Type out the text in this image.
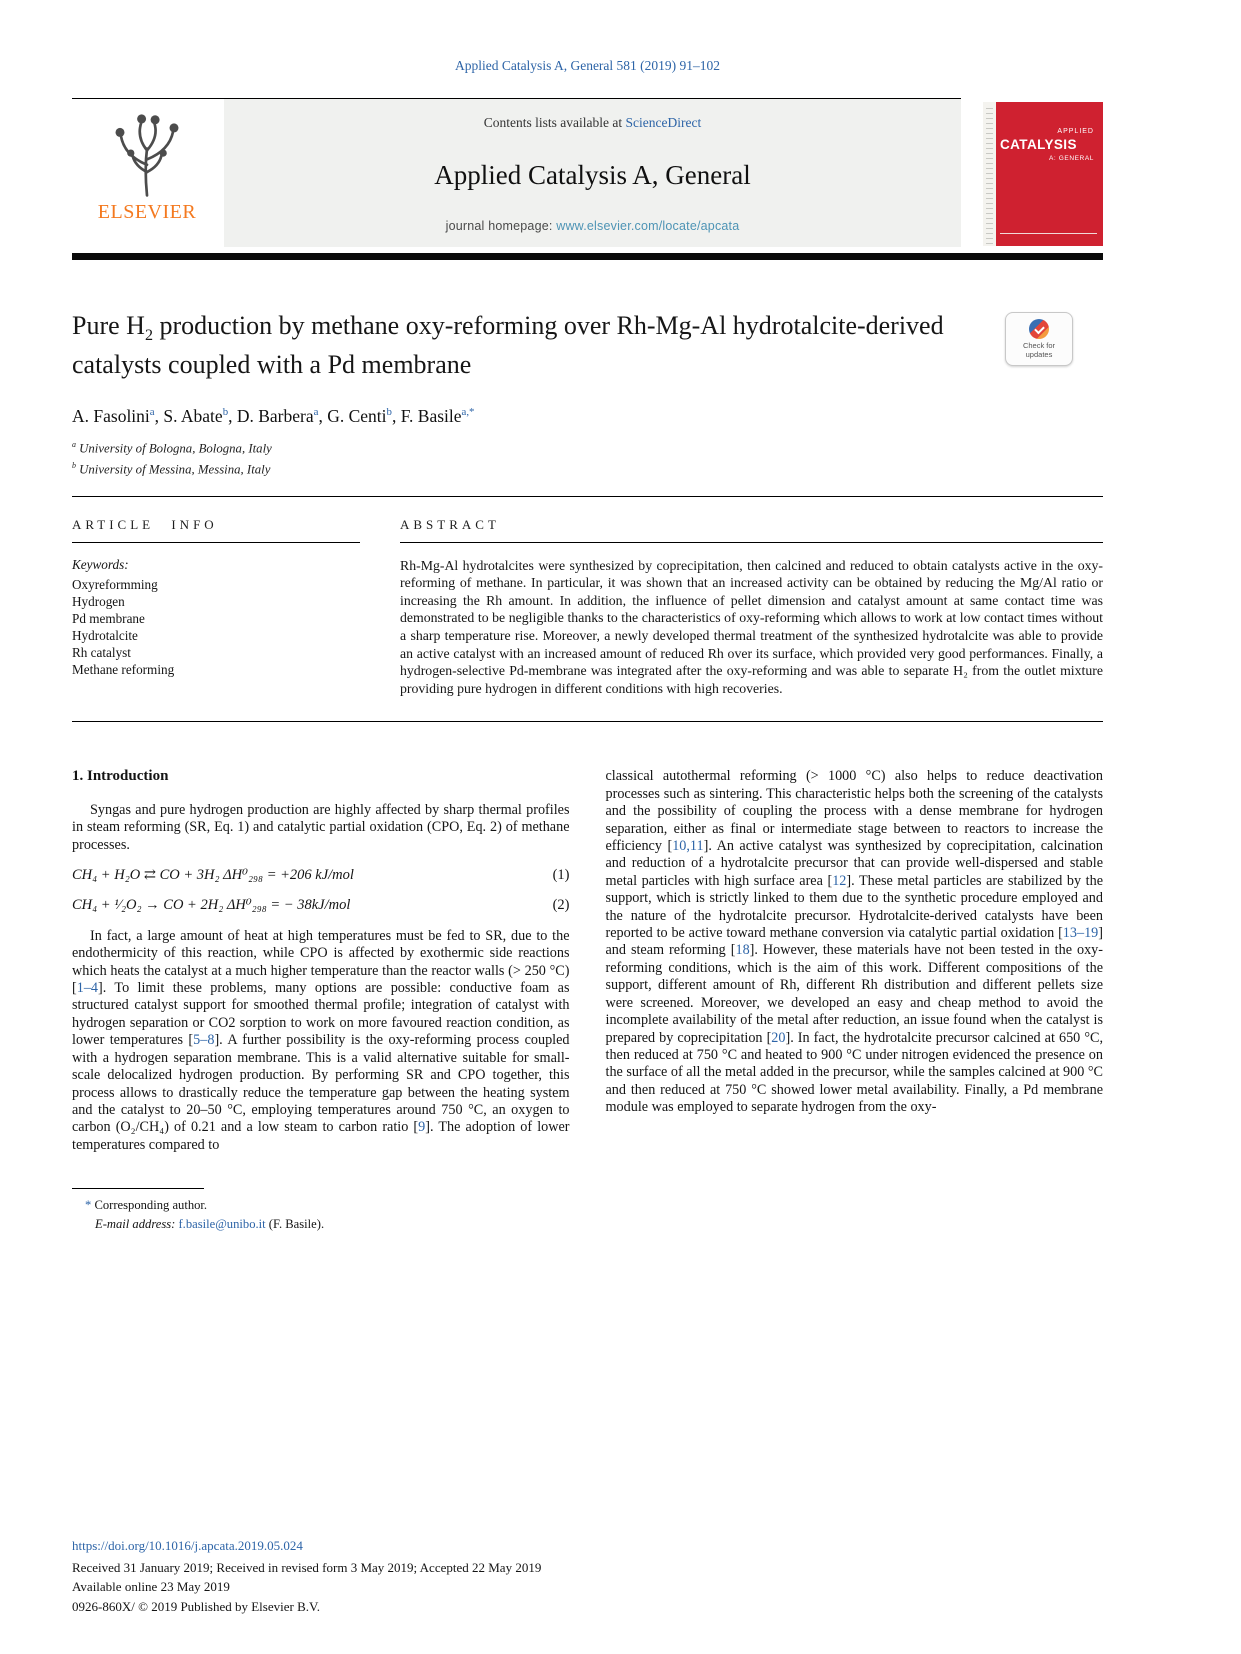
Applied Catalysis A, General 581 (2019) 91–102
ELSEVIER
Contents lists available at ScienceDirect
Applied Catalysis A, General
journal homepage: www.elsevier.com/locate/apcata
APPLIED
CATALYSIS
A: GENERAL
Pure $H_2$ production by methane oxy-reforming over Rh-Mg-Al hydrotalcite-derived catalysts coupled with a Pd membrane
Check for
updates
A. Fasolini$^a$, S. Abate$^b$, D. Barbera$^a$, G. Centi$^b$, F. Basile$^{a,*}$
$^a$ University of Bologna, Bologna, Italy
$^b$ University of Messina, Messina, Italy
ARTICLE INFO
Keywords:
Oxyreformming
Hydrogen
Pd membrane
Hydrotalcite
Rh catalyst
Methane reforming
ABSTRACT

Rh-Mg-Al hydrotalcites were synthesized by coprecipitation, then calcined and reduced to obtain catalysts active in the oxy-reforming of methane. In particular, it was shown that an increased activity can be obtained by reducing the Mg/Al ratio or increasing the Rh amount. In addition, the influence of pellet dimension and catalyst amount at same contact time was demonstrated to be negligible thanks to the characteristics of oxy-reforming which allows to work at low contact times without a sharp temperature rise. Moreover, a newly developed thermal treatment of the synthesized hydrotalcite was able to provide an active catalyst with an increased amount of reduced Rh over its surface, which provided very good performances. Finally, a hydrogen-selective Pd-membrane was integrated after the oxy-reforming and was able to separate H₂ from the outlet mixture providing pure hydrogen in different conditions with high recoveries.

1. Introduction

Syngas and pure hydrogen production are highly affected by sharp thermal profiles in steam reforming (SR, Eq. 1) and catalytic partial oxidation (CPO, Eq. 2) of methane processes.

CH₄ + H₂O ⇄ CO + 3H₂ ΔH⁰₂₉₈ = +206 kJ/mol	(1)
CH₄ + ¹⁄₂O₂ → CO + 2H₂ ΔH⁰₂₉₈ = − 38kJ/mol	(2)

In fact, a large amount of heat at high temperatures must be fed to SR, due to the endothermicity of this reaction, while CPO is affected by exothermic side reactions which heats the catalyst at a much higher temperature than the reactor walls (> 250 °C) [1–4]. To limit these problems, many options are possible: conductive foam as structured catalyst support for smoothed thermal profile; integration of catalyst with hydrogen separation or CO2 sorption to work on more favoured reaction condition, as lower temperatures [5–8]. A further possibility is the oxy-reforming process coupled with a hydrogen separation membrane. This is a valid alternative suitable for small-scale delocalized hydrogen production. By performing SR and CPO together, this process allows to drastically reduce the temperature gap between the heating system and the catalyst to 20–50 °C, employing temperatures around 750 °C, an oxygen to carbon (O₂/CH₄) of 0.21 and a low steam to carbon ratio [9]. The adoption of lower temperatures compared to

classical autothermal reforming (> 1000 °C) also helps to reduce deactivation processes such as sintering. This characteristic helps both the screening of the catalysts and the possibility of coupling the process with a dense membrane for hydrogen separation, either as final or intermediate stage between to reactors to increase the efficiency [10,11]. An active catalyst was synthesized by coprecipitation, calcination and reduction of a hydrotalcite precursor that can provide well-dispersed and stable metal particles with high surface area [12]. These metal particles are stabilized by the support, which is strictly linked to them due to the synthetic procedure employed and the nature of the hydrotalcite precursor. Hydrotalcite-derived catalysts have been reported to be active toward methane conversion via catalytic partial oxidation [13–19] and steam reforming [18]. However, these materials have not been tested in the oxy-reforming conditions, which is the aim of this work. Different compositions of the support, different amount of Rh, different Rh distribution and different pellets size were screened. Moreover, we developed an easy and cheap method to avoid the incomplete availability of the metal after reduction, an issue found when the catalyst is prepared by coprecipitation [20]. In fact, the hydrotalcite precursor calcined at 650 °C, then reduced at 750 °C and heated to 900 °C under nitrogen evidenced the presence on the surface of all the metal added in the precursor, while the samples calcined at 900 °C and then reduced at 750 °C showed lower metal availability. Finally, a Pd membrane module was employed to separate hydrogen from the oxy-

* Corresponding author.
E-mail address: f.basile@unibo.it (F. Basile).
https://doi.org/10.1016/j.apcata.2019.05.024
Received 31 January 2019; Received in revised form 3 May 2019; Accepted 22 May 2019
Available online 23 May 2019
0926-860X/ © 2019 Published by Elsevier B.V.
